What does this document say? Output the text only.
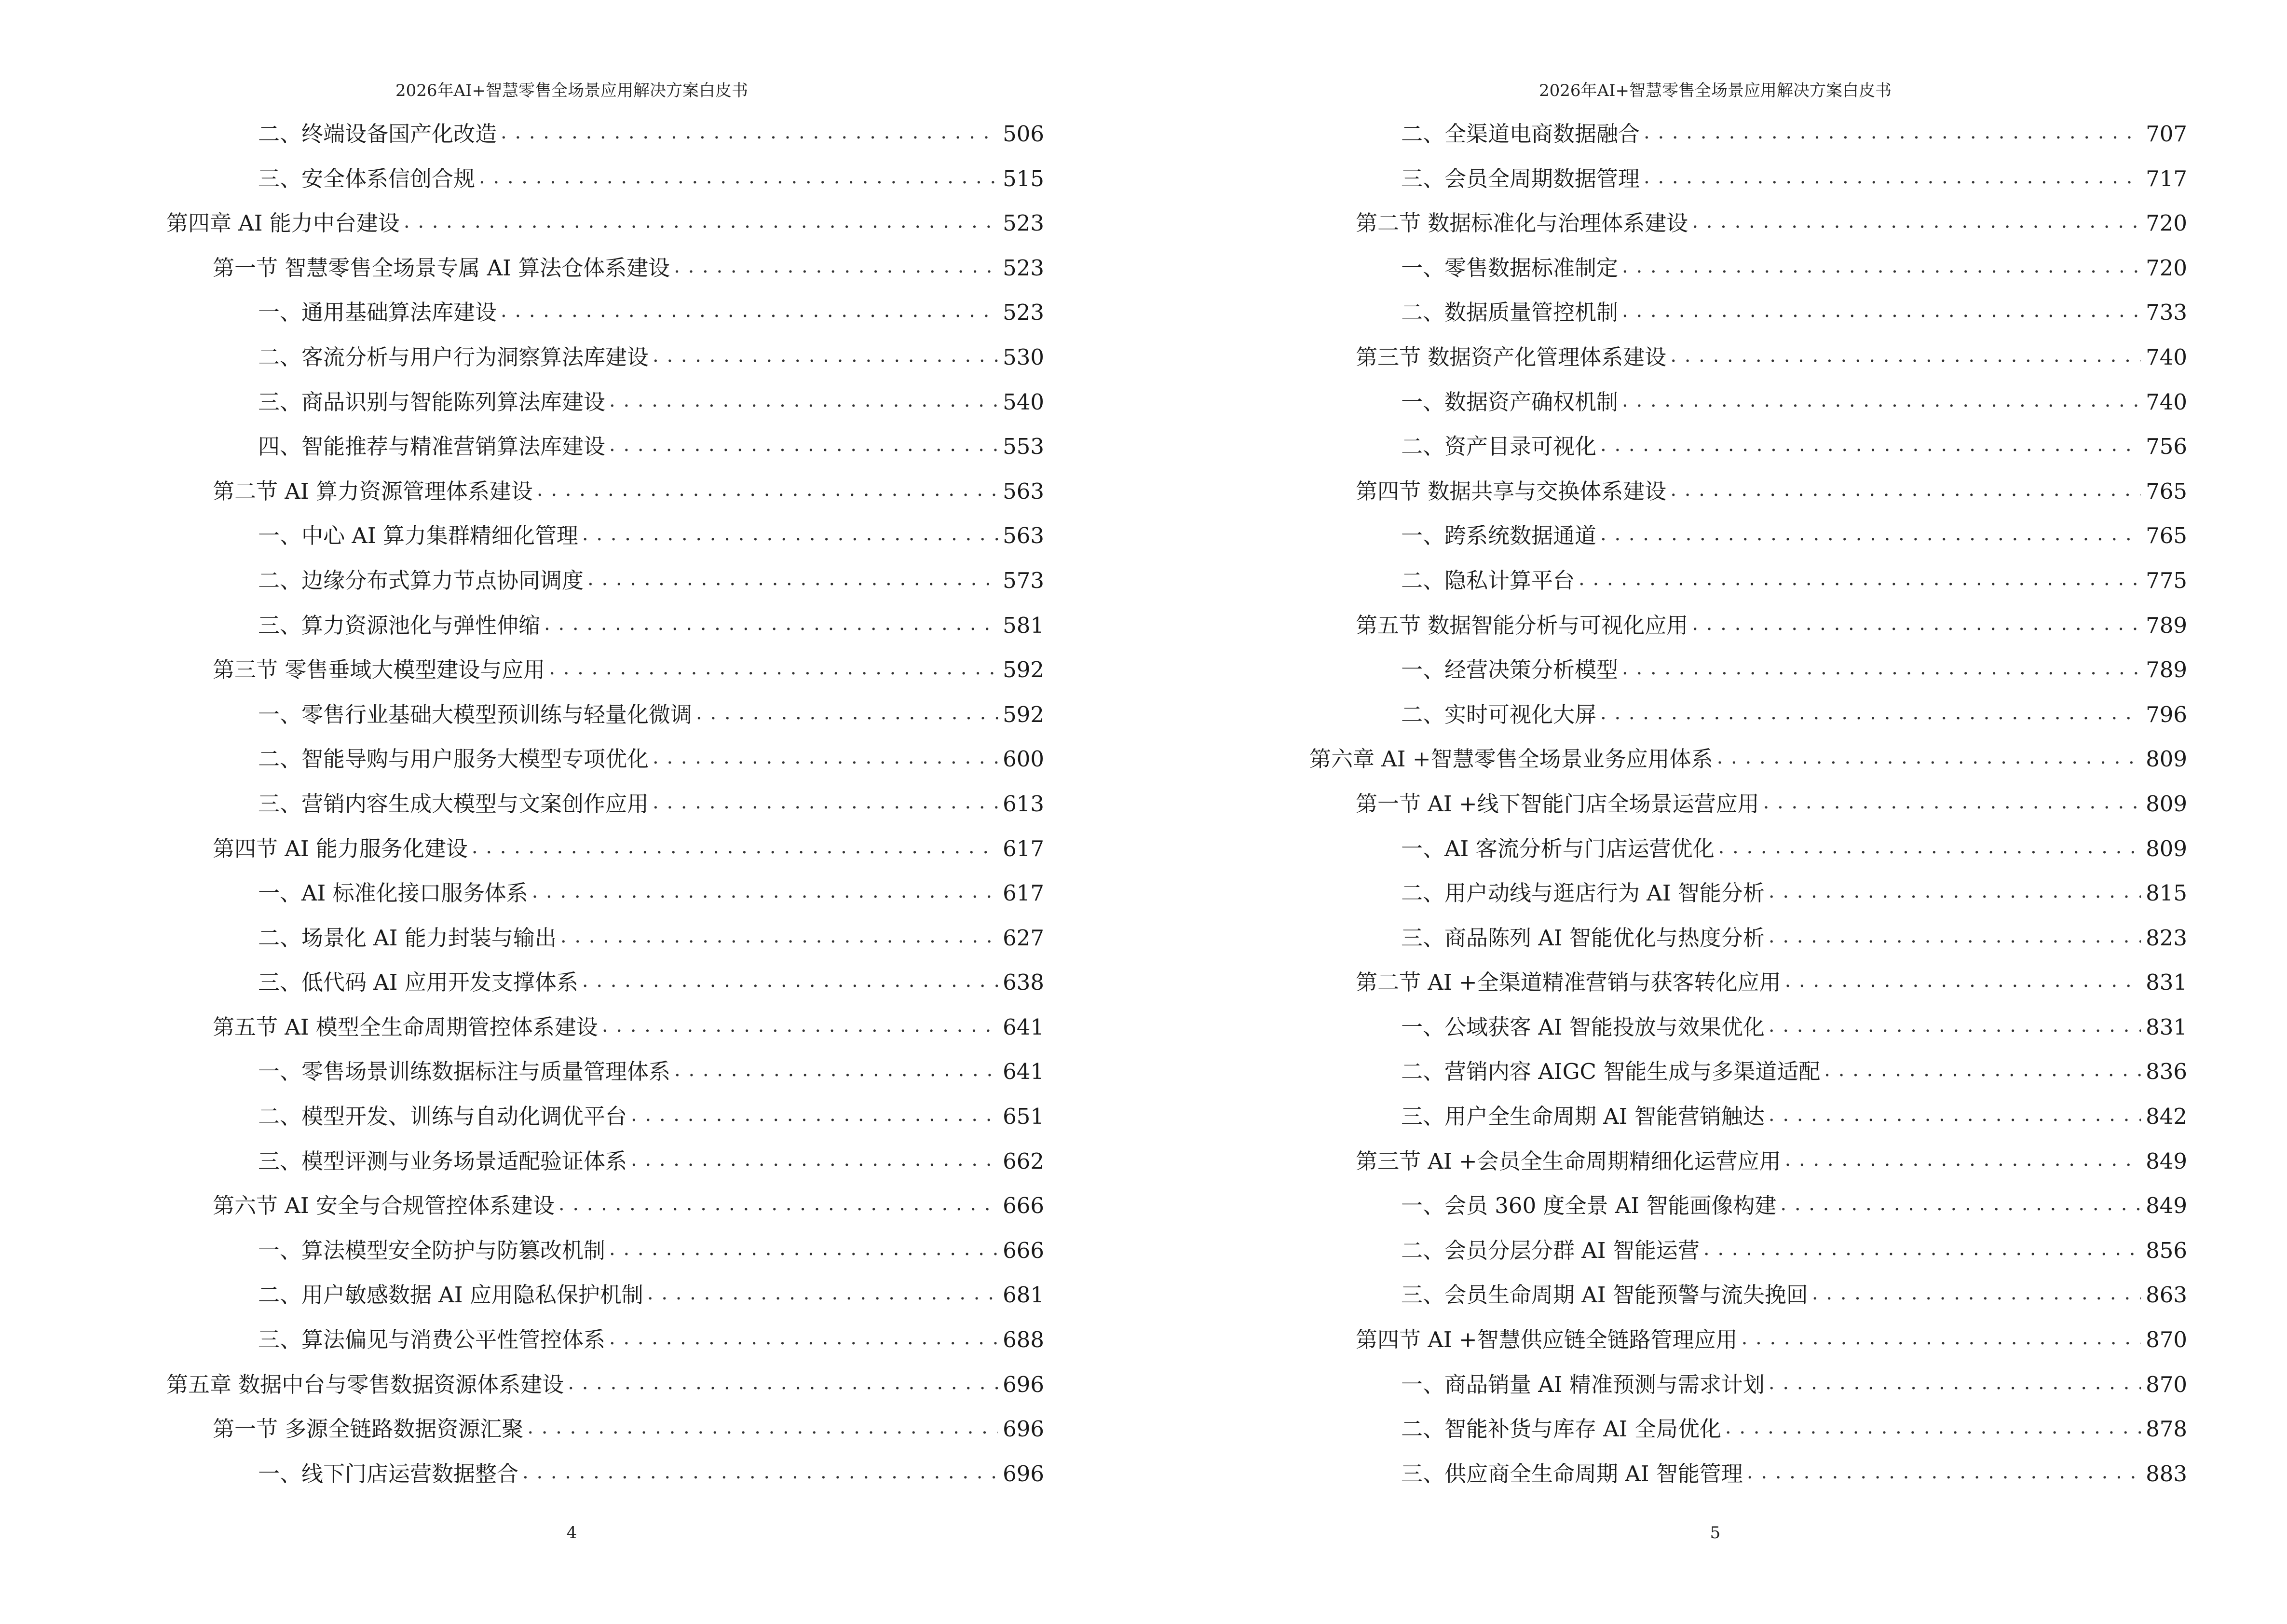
2026年AI+智慧零售全场景应用解决方案白皮书
二、终端设备国产化改造 . . .	506
三、安全体系信创合规 . . .	515
第四章 AI 能力中台建设 . . .	523
第一节 智慧零售全场景专属 AI 算法仓体系建设 . . .	523
一、通用基础算法库建设 . . .	523
二、客流分析与用户行为洞察算法库建设 . . .	530
三、商品识别与智能陈列算法库建设 . . .	540
四、智能推荐与精准营销算法库建设 . . .	553
第二节 AI 算力资源管理体系建设 . . .	563
一、中心 AI 算力集群精细化管理 . . .	563
二、边缘分布式算力节点协同调度 . . .	573
三、算力资源池化与弹性伸缩 . . .	581
第三节 零售垂域大模型建设与应用 . . .	592
一、零售行业基础大模型预训练与轻量化微调 . . .	592
二、智能导购与用户服务大模型专项优化 . . .	600
三、营销内容生成大模型与文案创作应用 . . .	613
第四节 AI 能力服务化建设 . . .	617
一、AI 标准化接口服务体系 . . .	617
二、场景化 AI 能力封装与输出 . . .	627
三、低代码 AI 应用开发支撑体系 . . .	638
第五节 AI 模型全生命周期管控体系建设 . . .	641
一、零售场景训练数据标注与质量管理体系 . . .	641
二、模型开发、训练与自动化调优平台 . . .	651
三、模型评测与业务场景适配验证体系 . . .	662
第六节 AI 安全与合规管控体系建设 . . .	666
一、算法模型安全防护与防篡改机制 . . .	666
二、用户敏感数据 AI 应用隐私保护机制 . . .	681
三、算法偏见与消费公平性管控体系 . . .	688
第五章 数据中台与零售数据资源体系建设 . . .	696
第一节 多源全链路数据资源汇聚 . . .	696
一、线下门店运营数据整合 . . .	696
4
2026年AI+智慧零售全场景应用解决方案白皮书
二、全渠道电商数据融合 . . .	707
三、会员全周期数据管理 . . .	717
第二节 数据标准化与治理体系建设 . . .	720
一、零售数据标准制定 . . .	720
二、数据质量管控机制 . . .	733
第三节 数据资产化管理体系建设 . . .	740
一、数据资产确权机制 . . .	740
二、资产目录可视化 . . .	756
第四节 数据共享与交换体系建设 . . .	765
一、跨系统数据通道 . . .	765
二、隐私计算平台 . . .	775
第五节 数据智能分析与可视化应用 . . .	789
一、经营决策分析模型 . . .	789
二、实时可视化大屏 . . .	796
第六章 AI +智慧零售全场景业务应用体系 . . .	809
第一节 AI +线下智能门店全场景运营应用 . . .	809
一、AI 客流分析与门店运营优化 . . .	809
二、用户动线与逛店行为 AI 智能分析 . . .	815
三、商品陈列 AI 智能优化与热度分析 . . .	823
第二节 AI +全渠道精准营销与获客转化应用 . . .	831
一、公域获客 AI 智能投放与效果优化 . . .	831
二、营销内容 AIGC 智能生成与多渠道适配 . . .	836
三、用户全生命周期 AI 智能营销触达 . . .	842
第三节 AI +会员全生命周期精细化运营应用 . . .	849
一、会员 360 度全景 AI 智能画像构建 . . .	849
二、会员分层分群 AI 智能运营 . . .	856
三、会员生命周期 AI 智能预警与流失挽回 . . .	863
第四节 AI +智慧供应链全链路管理应用 . . .	870
一、商品销量 AI 精准预测与需求计划 . . .	870
二、智能补货与库存 AI 全局优化 . . .	878
三、供应商全生命周期 AI 智能管理 . . .	883
5
